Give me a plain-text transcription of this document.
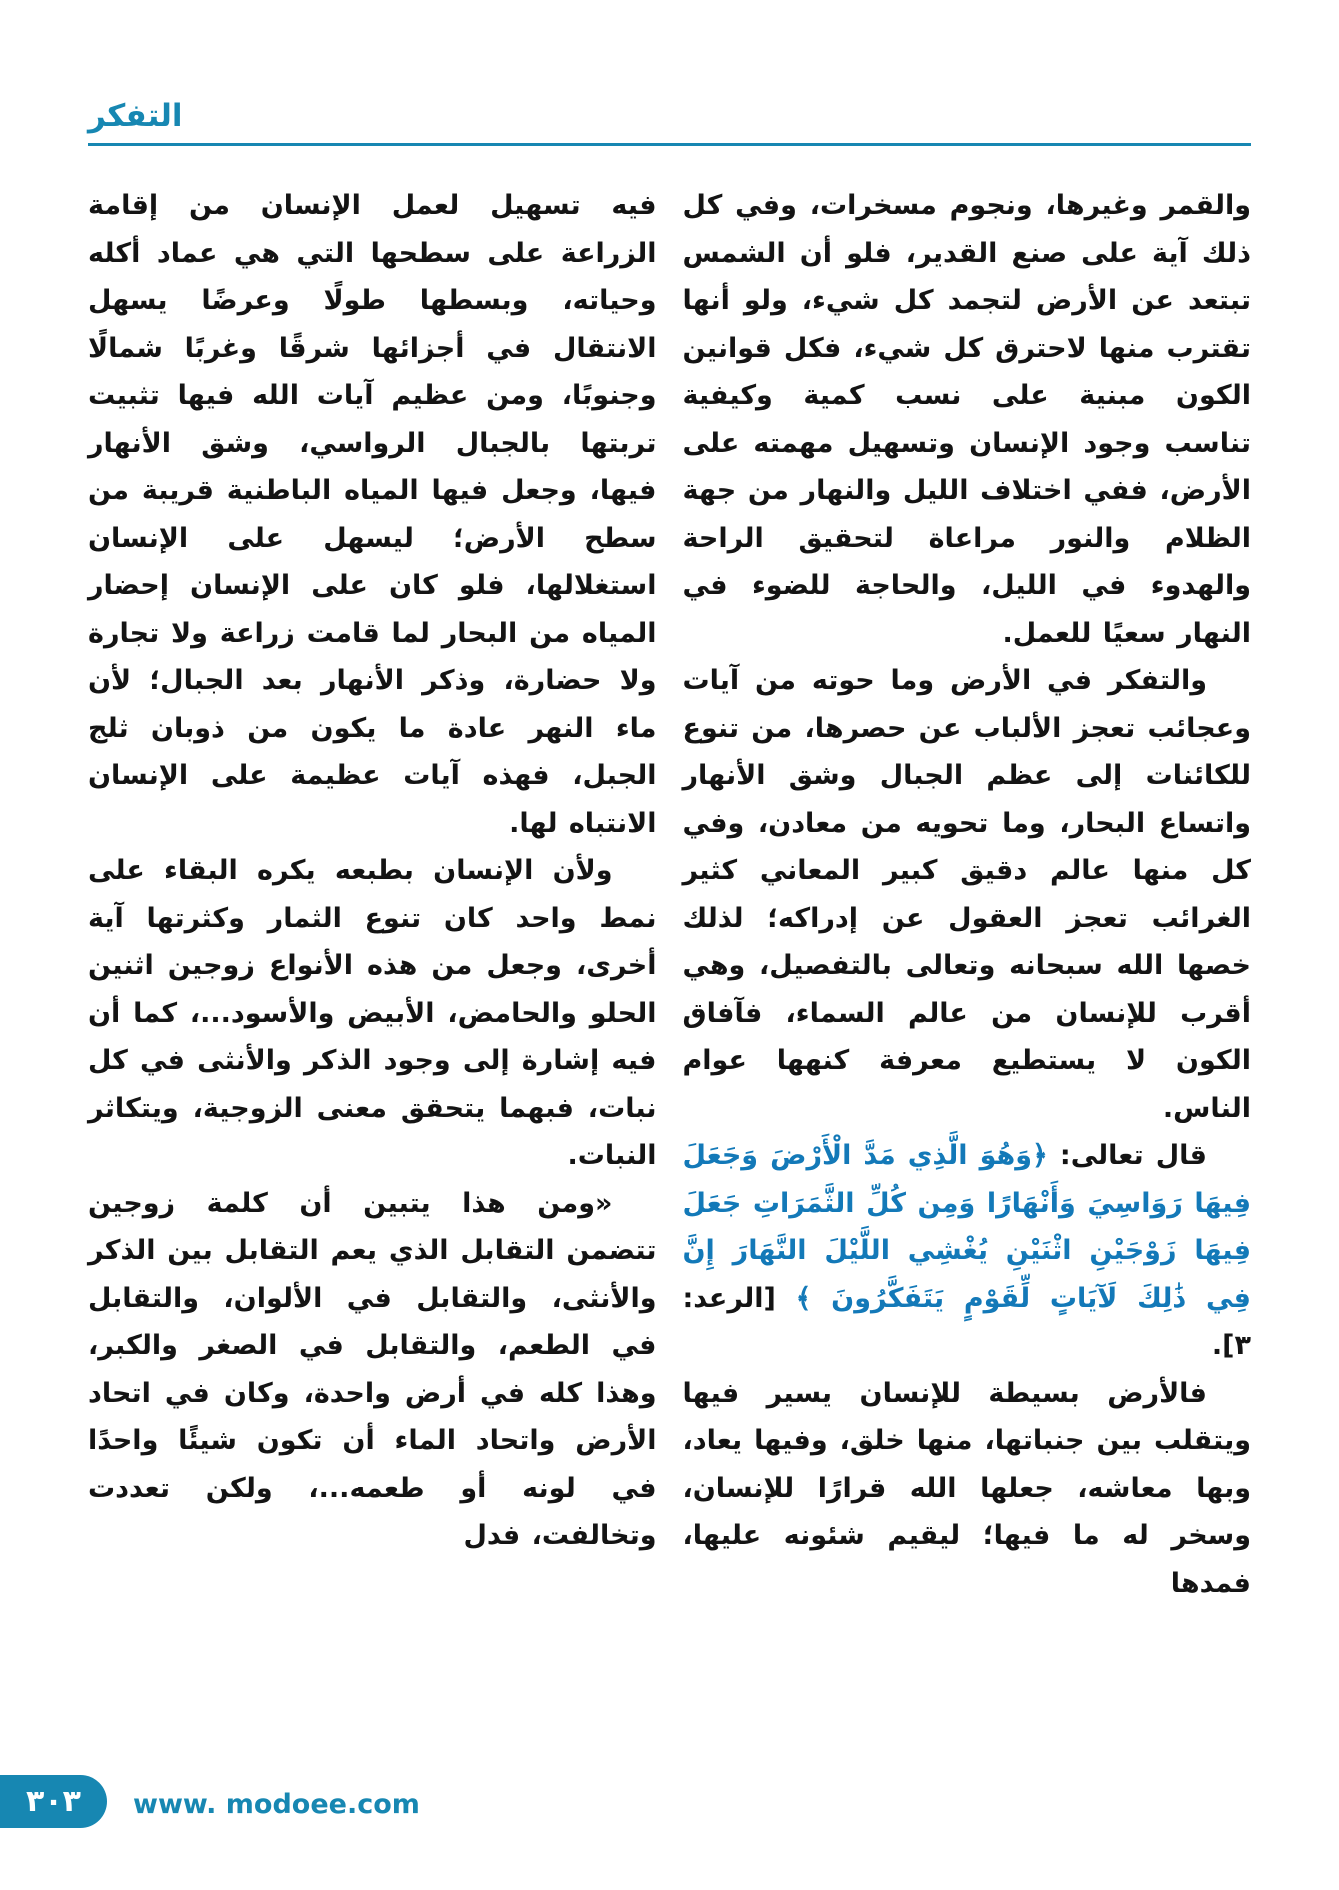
التفكر

والقمر وغيرها، ونجوم مسخرات، وفي كل ذلك آية على صنع القدير، فلو أن الشمس تبتعد عن الأرض لتجمد كل شيء، ولو أنها تقترب منها لاحترق كل شيء، فكل قوانين الكون مبنية على نسب كمية وكيفية تناسب وجود الإنسان وتسهيل مهمته على الأرض، ففي اختلاف الليل والنهار من جهة الظلام والنور مراعاة لتحقيق الراحة والهدوء في الليل، والحاجة للضوء في النهار سعيًا للعمل.

والتفكر في الأرض وما حوته من آيات وعجائب تعجز الألباب عن حصرها، من تنوع للكائنات إلى عظم الجبال وشق الأنهار واتساع البحار، وما تحويه من معادن، وفي كل منها عالم دقيق كبير المعاني كثير الغرائب تعجز العقول عن إدراكه؛ لذلك خصها الله سبحانه وتعالى بالتفصيل، وهي أقرب للإنسان من عالم السماء، فآفاق الكون لا يستطيع معرفة كنهها عوام الناس.

قال تعالى: ﴿وَهُوَ الَّذِي مَدَّ الْأَرْضَ وَجَعَلَ فِيهَا رَوَاسِيَ وَأَنْهَارًا وَمِن كُلِّ الثَّمَرَاتِ جَعَلَ فِيهَا زَوْجَيْنِ اثْنَيْنِ يُغْشِي اللَّيْلَ النَّهَارَ إِنَّ فِي ذَٰلِكَ لَآيَاتٍ لِّقَوْمٍ يَتَفَكَّرُونَ ﴾ [الرعد: ٣].

فالأرض بسيطة للإنسان يسير فيها ويتقلب بين جنباتها، منها خلق، وفيها يعاد، وبها معاشه، جعلها الله قرارًا للإنسان، وسخر له ما فيها؛ ليقيم شئونه عليها، فمدها

فيه تسهيل لعمل الإنسان من إقامة الزراعة على سطحها التي هي عماد أكله وحياته، وبسطها طولًا وعرضًا يسهل الانتقال في أجزائها شرقًا وغربًا شمالًا وجنوبًا، ومن عظيم آيات الله فيها تثبيت تربتها بالجبال الرواسي، وشق الأنهار فيها، وجعل فيها المياه الباطنية قريبة من سطح الأرض؛ ليسهل على الإنسان استغلالها، فلو كان على الإنسان إحضار المياه من البحار لما قامت زراعة ولا تجارة ولا حضارة، وذكر الأنهار بعد الجبال؛ لأن ماء النهر عادة ما يكون من ذوبان ثلج الجبل، فهذه آيات عظيمة على الإنسان الانتباه لها.

ولأن الإنسان بطبعه يكره البقاء على نمط واحد كان تنوع الثمار وكثرتها آية أخرى، وجعل من هذه الأنواع زوجين اثنين الحلو والحامض، الأبيض والأسود...، كما أن فيه إشارة إلى وجود الذكر والأنثى في كل نبات، فبهما يتحقق معنى الزوجية، ويتكاثر النبات.

«ومن هذا يتبين أن كلمة زوجين تتضمن التقابل الذي يعم التقابل بين الذكر والأنثى، والتقابل في الألوان، والتقابل في الطعم، والتقابل في الصغر والكبر، وهذا كله في أرض واحدة، وكان في اتحاد الأرض واتحاد الماء أن تكون شيئًا واحدًا في لونه أو طعمه...، ولكن تعددت وتخالفت، فدل

٣٠٣ www. modoee.com
